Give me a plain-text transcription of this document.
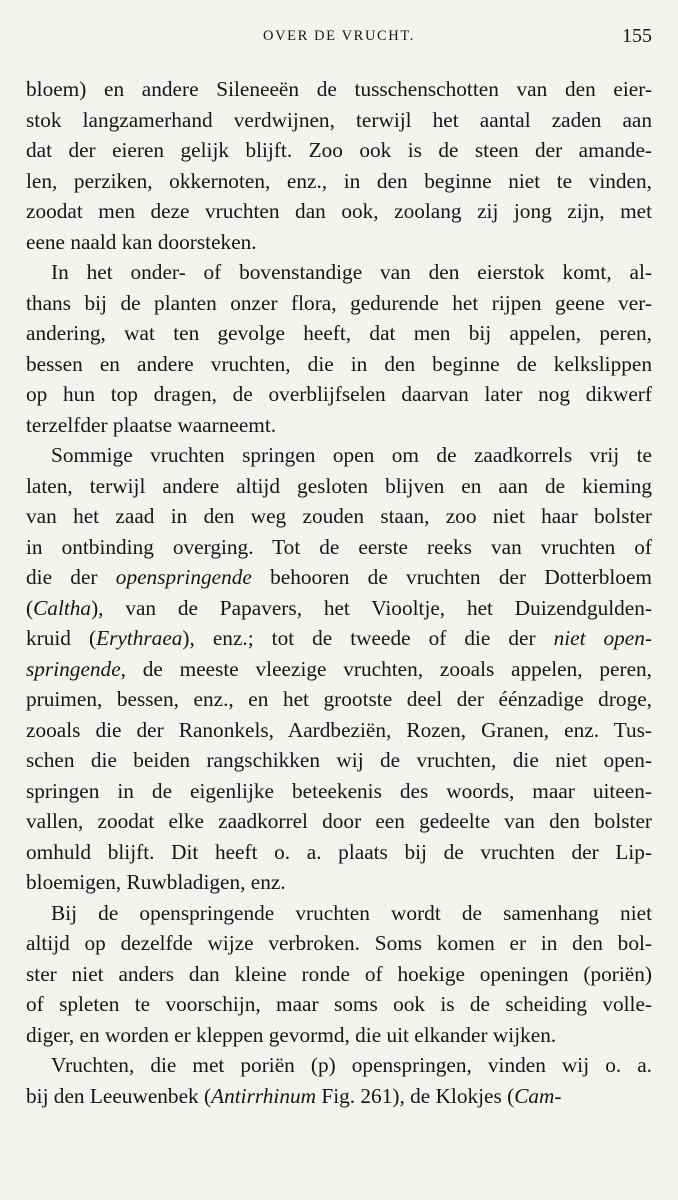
OVER DE VRUCHT.	155
bloem) en andere Sileneeën de tusschenschotten van den eier-
stok langzamerhand verdwijnen, terwijl het aantal zaden aan
dat der eieren gelijk blijft. Zoo ook is de steen der amande-
len, perziken, okkernoten, enz., in den beginne niet te vinden,
zoodat men deze vruchten dan ook, zoolang zij jong zijn, met
eene naald kan doorsteken.
In het onder- of bovenstandige van den eierstok komt, al-
thans bij de planten onzer flora, gedurende het rijpen geene ver-
andering, wat ten gevolge heeft, dat men bij appelen, peren,
bessen en andere vruchten, die in den beginne de kelkslippen
op hun top dragen, de overblijfselen daarvan later nog dikwerf
terzelfder plaatse waarneemt.
Sommige vruchten springen open om de zaadkorrels vrij te
laten, terwijl andere altijd gesloten blijven en aan de kieming
van het zaad in den weg zouden staan, zoo niet haar bolster
in ontbinding overging. Tot de eerste reeks van vruchten of
die der openspringende behooren de vruchten der Dotterbloem
(Caltha), van de Papavers, het Viooltje, het Duizendgulden-
kruid (Erythraea), enz.; tot de tweede of die der niet open-
springende, de meeste vleezige vruchten, zooals appelen, peren,
pruimen, bessen, enz., en het grootste deel der éénzadige droge,
zooals die der Ranonkels, Aardbeziën, Rozen, Granen, enz. Tus-
schen die beiden rangschikken wij de vruchten, die niet open-
springen in de eigenlijke beteekenis des woords, maar uiteen-
vallen, zoodat elke zaadkorrel door een gedeelte van den bolster
omhuld blijft. Dit heeft o. a. plaats bij de vruchten der Lip-
bloemigen, Ruwbladigen, enz.
Bij de openspringende vruchten wordt de samenhang niet
altijd op dezelfde wijze verbroken. Soms komen er in den bol-
ster niet anders dan kleine ronde of hoekige openingen (poriën)
of spleten te voorschijn, maar soms ook is de scheiding volle-
diger, en worden er kleppen gevormd, die uit elkander wijken.
Vruchten, die met poriën (p) openspringen, vinden wij o. a.
bij den Leeuwenbek (Antirrhinum Fig. 261), de Klokjes (Cam-
